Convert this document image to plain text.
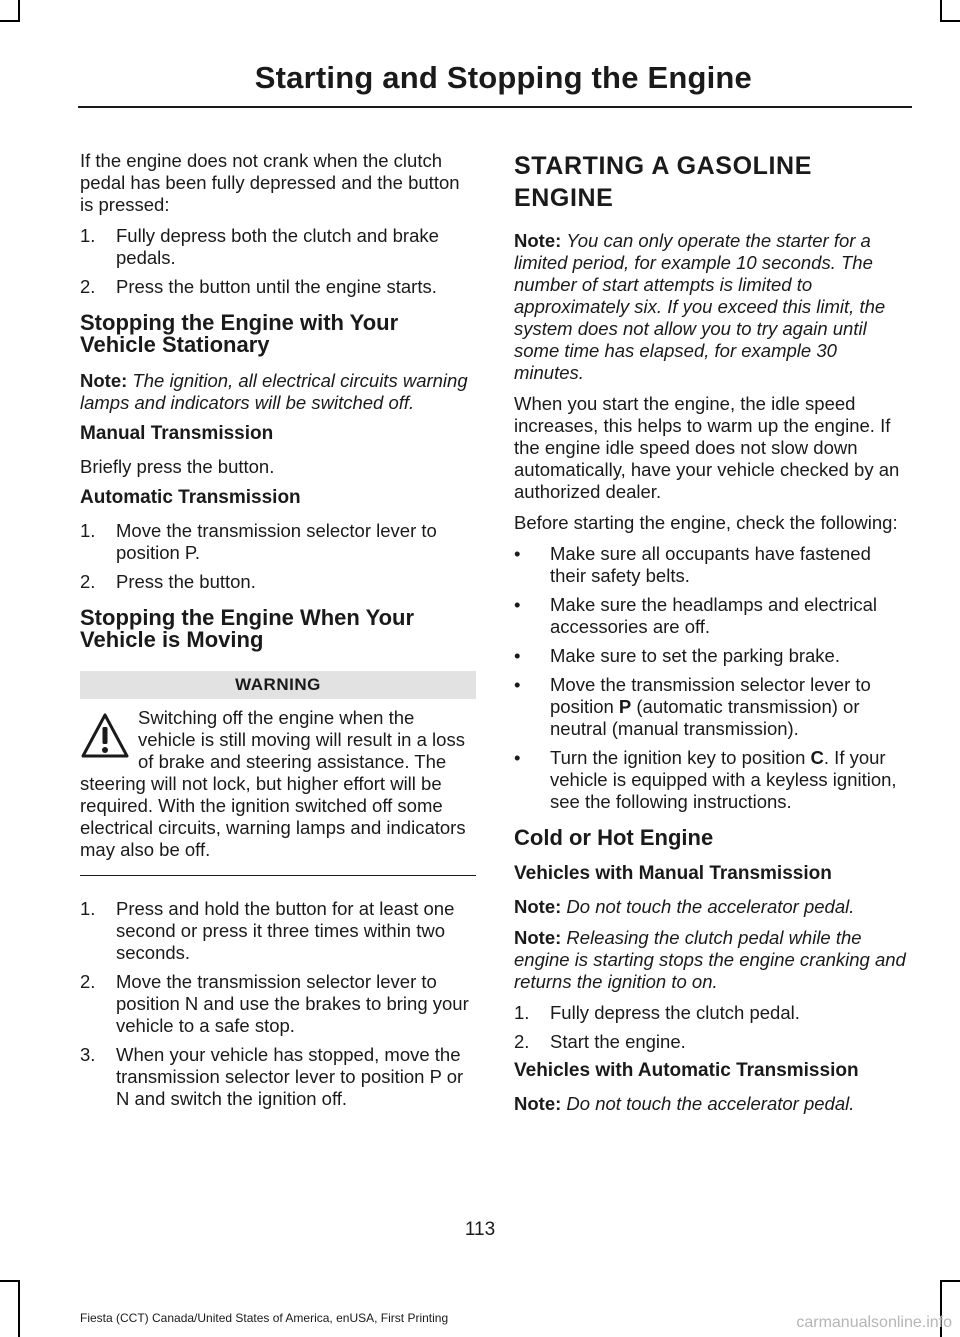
Starting and Stopping the Engine

If the engine does not crank when the clutch pedal has been fully depressed and the button is pressed:

1. Fully depress both the clutch and brake pedals.
2. Press the button until the engine starts.
Stopping the Engine with Your Vehicle Stationary

Note: The ignition, all electrical circuits warning lamps and indicators will be switched off.

Manual Transmission

Briefly press the button.

Automatic Transmission
1. Move the transmission selector lever to position P.
2. Press the button.
Stopping the Engine When Your Vehicle is Moving
WARNING
Switching off the engine when the vehicle is still moving will result in a loss of brake and steering assistance. The steering will not lock, but higher effort will be required. With the ignition switched off some electrical circuits, warning lamps and indicators may also be off.
1. Press and hold the button for at least one second or press it three times within two seconds.
2. Move the transmission selector lever to position N and use the brakes to bring your vehicle to a safe stop.
3. When your vehicle has stopped, move the transmission selector lever to position P or N and switch the ignition off.
STARTING A GASOLINE
ENGINE

Note: You can only operate the starter for a limited period, for example 10 seconds. The number of start attempts is limited to approximately six. If you exceed this limit, the system does not allow you to try again until some time has elapsed, for example 30 minutes.

When you start the engine, the idle speed increases, this helps to warm up the engine. If the engine idle speed does not slow down automatically, have your vehicle checked by an authorized dealer.

Before starting the engine, check the following:

• Make sure all occupants have fastened their safety belts.
• Make sure the headlamps and electrical accessories are off.
• Make sure to set the parking brake.
• Move the transmission selector lever to position P (automatic transmission) or neutral (manual transmission).
• Turn the ignition key to position C. If your vehicle is equipped with a keyless ignition, see the following instructions.
Cold or Hot Engine
Vehicles with Manual Transmission

Note: Do not touch the accelerator pedal.

Note: Releasing the clutch pedal while the engine is starting stops the engine cranking and returns the ignition to on.

1. Fully depress the clutch pedal.
2. Start the engine.
Vehicles with Automatic Transmission

Note: Do not touch the accelerator pedal.

113
Fiesta (CCT) Canada/United States of America, enUSA, First Printing	carmanualsonline.info
